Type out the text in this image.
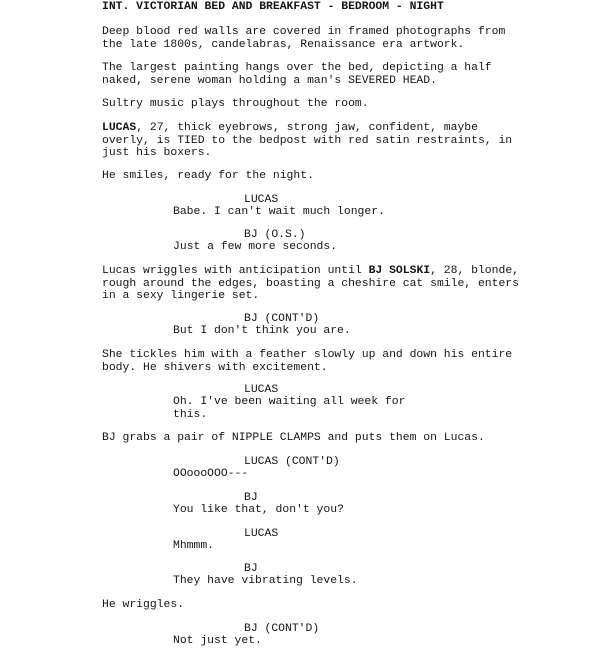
INT. VICTORIAN BED AND BREAKFAST - BEDROOM - NIGHT

Deep blood red walls are covered in framed photographs from
the late 1800s, candelabras, Renaissance era artwork.

The largest painting hangs over the bed, depicting a half
naked, serene woman holding a man's SEVERED HEAD.

Sultry music plays throughout the room.

LUCAS, 27, thick eyebrows, strong jaw, confident, maybe
overly, is TIED to the bedpost with red satin restraints, in
just his boxers.

He smiles, ready for the night.

LUCAS

Babe. I can't wait much longer.

BJ (O.S.)

Just a few more seconds.

Lucas wriggles with anticipation until BJ SOLSKI, 28, blonde,
rough around the edges, boasting a cheshire cat smile, enters
in a sexy lingerie set.

BJ (CONT'D)

But I don't think you are.

She tickles him with a feather slowly up and down his entire
body. He shivers with excitement.

LUCAS

Oh. I've been waiting all week for
this.

BJ grabs a pair of NIPPLE CLAMPS and puts them on Lucas.

LUCAS (CONT'D)

OOoooOOO---

BJ

You like that, don't you?

LUCAS

Mhmmm.

BJ

They have vibrating levels.

He wriggles.

BJ (CONT'D)

Not just yet.
